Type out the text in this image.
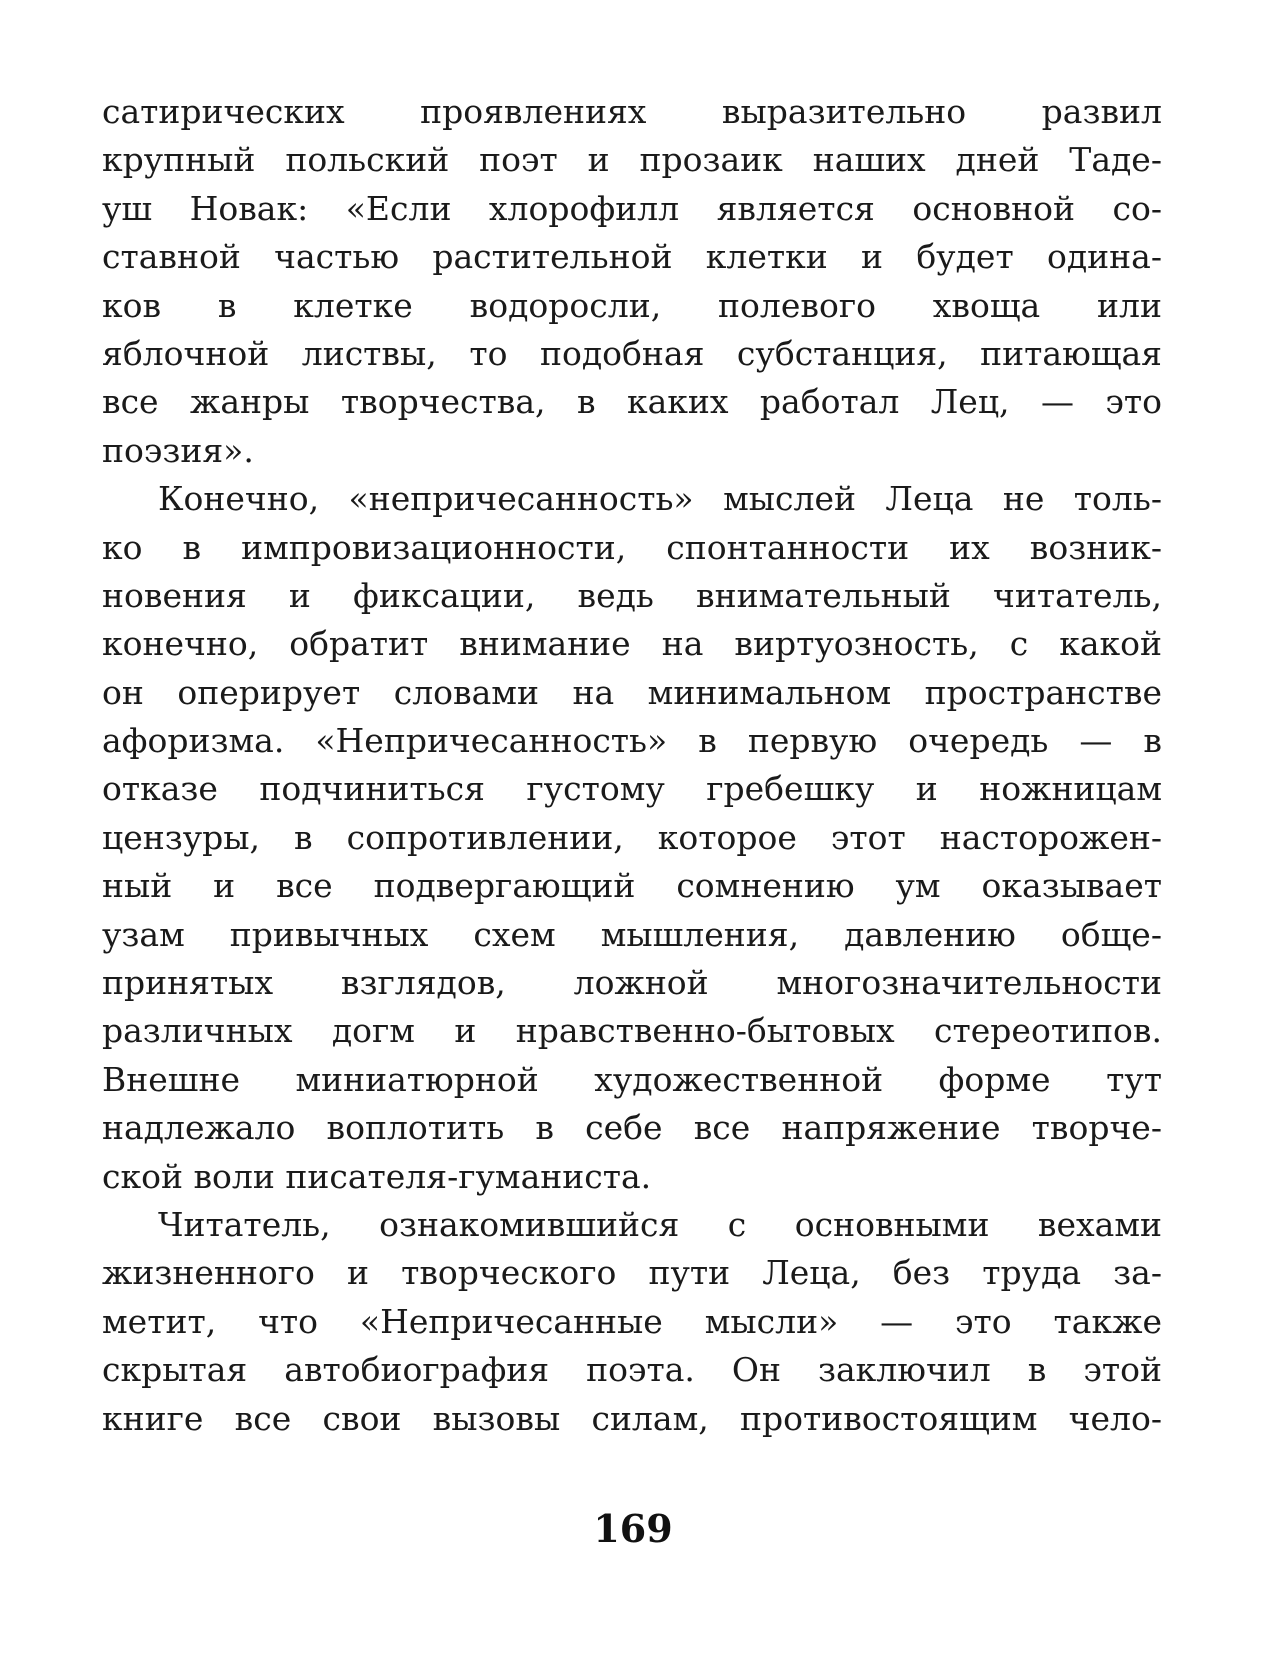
сатирических проявлениях выразительно развил
крупный польский поэт и прозаик наших дней Таде-
уш Новак: «Если хлорофилл является основной со-
ставной частью растительной клетки и будет одина-
ков в клетке водоросли, полевого хвоща или
яблочной листвы, то подобная субстанция, питающая
все жанры творчества, в каких работал Лец, — это
поэзия».
Конечно, «непричесанность» мыслей Леца не толь-
ко в импровизационности, спонтанности их возник-
новения и фиксации, ведь внимательный читатель,
конечно, обратит внимание на виртуозность, с какой
он оперирует словами на минимальном пространстве
афоризма. «Непричесанность» в первую очередь — в
отказе подчиниться густому гребешку и ножницам
цензуры, в сопротивлении, которое этот насторожен-
ный и все подвергающий сомнению ум оказывает
узам привычных схем мышления, давлению обще-
принятых взглядов, ложной многозначительности
различных догм и нравственно-бытовых стереотипов.
Внешне миниатюрной художественной форме тут
надлежало воплотить в себе все напряжение творче-
ской воли писателя-гуманиста.
Читатель, ознакомившийся с основными вехами
жизненного и творческого пути Леца, без труда за-
метит, что «Непричесанные мысли» — это также
скрытая автобиография поэта. Он заключил в этой
книге все свои вызовы силам, противостоящим чело-
169
